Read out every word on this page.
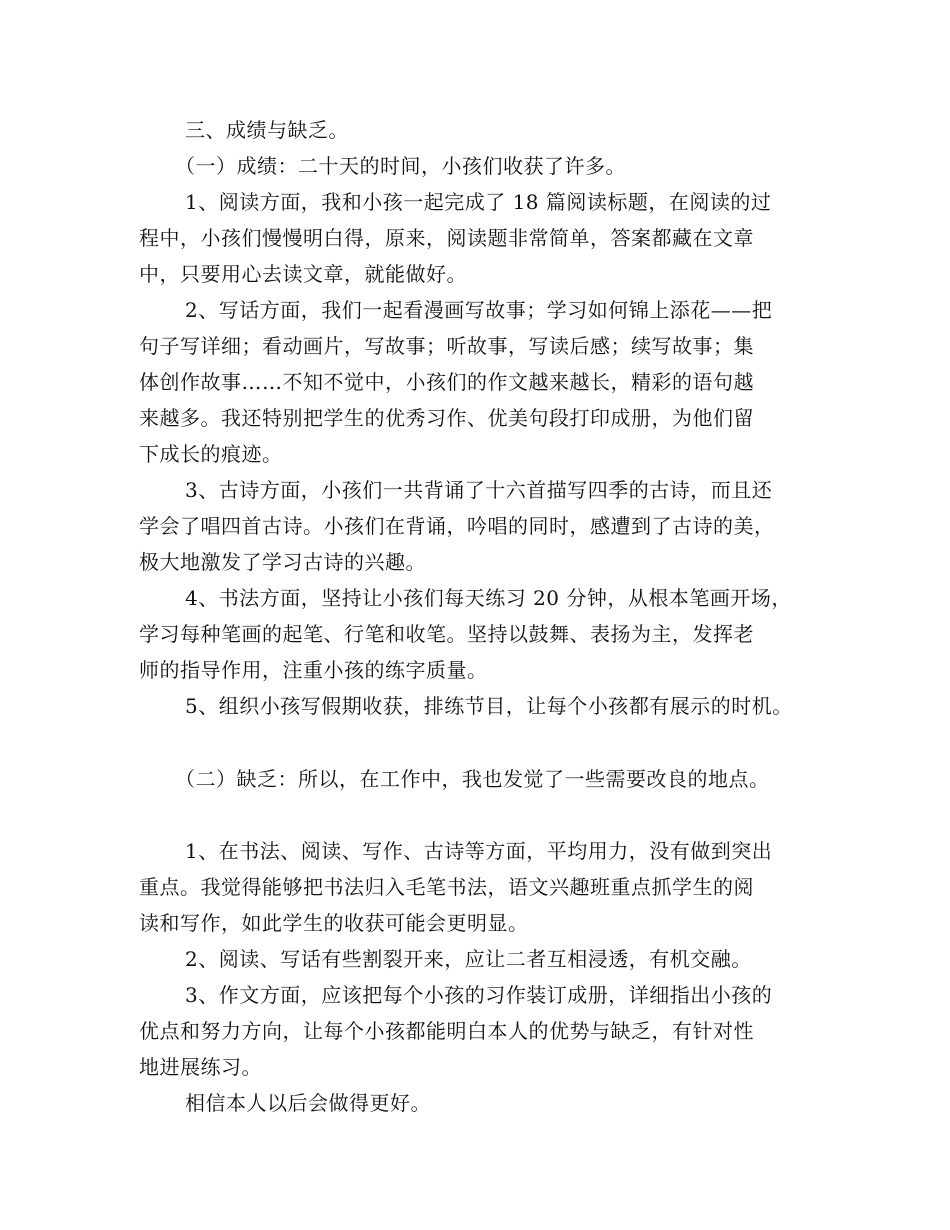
三、成绩与缺乏。
（一）成绩：二十天的时间，小孩们收获了许多。
1、阅读方面，我和小孩一起完成了 18 篇阅读标题，在阅读的过
程中，小孩们慢慢明白得，原来，阅读题非常简单，答案都藏在文章
中，只要用心去读文章，就能做好。
2、写话方面，我们一起看漫画写故事；学习如何锦上添花——把
句子写详细；看动画片，写故事；听故事，写读后感；续写故事；集
体创作故事……不知不觉中，小孩们的作文越来越长，精彩的语句越
来越多。我还特别把学生的优秀习作、优美句段打印成册，为他们留
下成长的痕迹。
3、古诗方面，小孩们一共背诵了十六首描写四季的古诗，而且还
学会了唱四首古诗。小孩们在背诵，吟唱的同时，感遭到了古诗的美，
极大地激发了学习古诗的兴趣。
4、书法方面，坚持让小孩们每天练习 20 分钟，从根本笔画开场，
学习每种笔画的起笔、行笔和收笔。坚持以鼓舞、表扬为主，发挥老
师的指导作用，注重小孩的练字质量。
5、组织小孩写假期收获，排练节目，让每个小孩都有展示的时机。
（二）缺乏：所以，在工作中，我也发觉了一些需要改良的地点。
1、在书法、阅读、写作、古诗等方面，平均用力，没有做到突出
重点。我觉得能够把书法归入毛笔书法，语文兴趣班重点抓学生的阅
读和写作，如此学生的收获可能会更明显。
2、阅读、写话有些割裂开来，应让二者互相浸透，有机交融。
3、作文方面，应该把每个小孩的习作装订成册，详细指出小孩的
优点和努力方向，让每个小孩都能明白本人的优势与缺乏，有针对性
地进展练习。
相信本人以后会做得更好。
